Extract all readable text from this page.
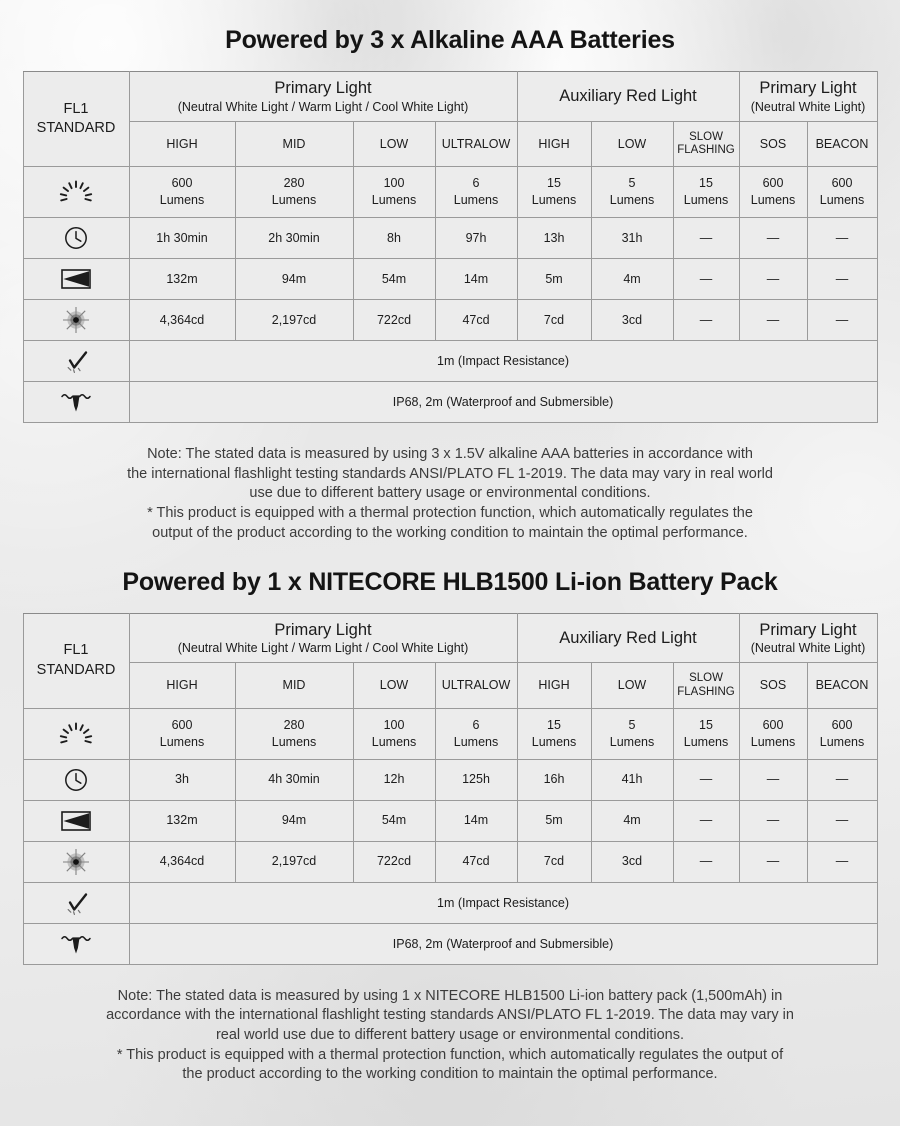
Powered by 3 x Alkaline AAA Batteries
FL1
STANDARD	Primary Light
(Neutral White Light / Warm Light / Cool White Light)				Auxiliary Red Light			Primary Light
(Neutral White Light)	

	HIGH	MID	LOW	ULTRALOW	HIGH	LOW	SLOW
FLASHING	SOS	BEACON

600
Lumens	280
Lumens	100
Lumens	6
Lumens	15
Lumens	5
Lumens	15
Lumens	600
Lumens	600
Lumens

	1h 30min	2h 30min	8h	97h	13h	31h	—	—	—

	132m	94m	54m	14m	5m	4m	—	—	—

	4,364cd	2,197cd	722cd	47cd	7cd	3cd	—	—	—

	1m (Impact Resistance)								

	IP68, 2m (Waterproof and Submersible)								

Note: The stated data is measured by using 3 x 1.5V alkaline AAA batteries in accordance with

the international flashlight testing standards ANSI/PLATO FL 1-2019. The data may vary in real world

use due to different battery usage or environmental conditions.

* This product is equipped with a thermal protection function, which automatically regulates the

output of the product according to the working condition to maintain the optimal performance.

Powered by 1 x NITECORE HLB1500 Li-ion Battery Pack
FL1
STANDARD	Primary Light
(Neutral White Light / Warm Light / Cool White Light)				Auxiliary Red Light			Primary Light
(Neutral White Light)	

	HIGH	MID	LOW	ULTRALOW	HIGH	LOW	SLOW
FLASHING	SOS	BEACON

600
Lumens	280
Lumens	100
Lumens	6
Lumens	15
Lumens	5
Lumens	15
Lumens	600
Lumens	600
Lumens

	3h	4h 30min	12h	125h	16h	41h	—	—	—

	132m	94m	54m	14m	5m	4m	—	—	—

	4,364cd	2,197cd	722cd	47cd	7cd	3cd	—	—	—

	1m (Impact Resistance)								

	IP68, 2m (Waterproof and Submersible)								

Note: The stated data is measured by using 1 x NITECORE HLB1500 Li-ion battery pack (1,500mAh) in

accordance with the international flashlight testing standards ANSI/PLATO FL 1-2019. The data may vary in

real world use due to different battery usage or environmental conditions.

* This product is equipped with a thermal protection function, which automatically regulates the output of

the product according to the working condition to maintain the optimal performance.
